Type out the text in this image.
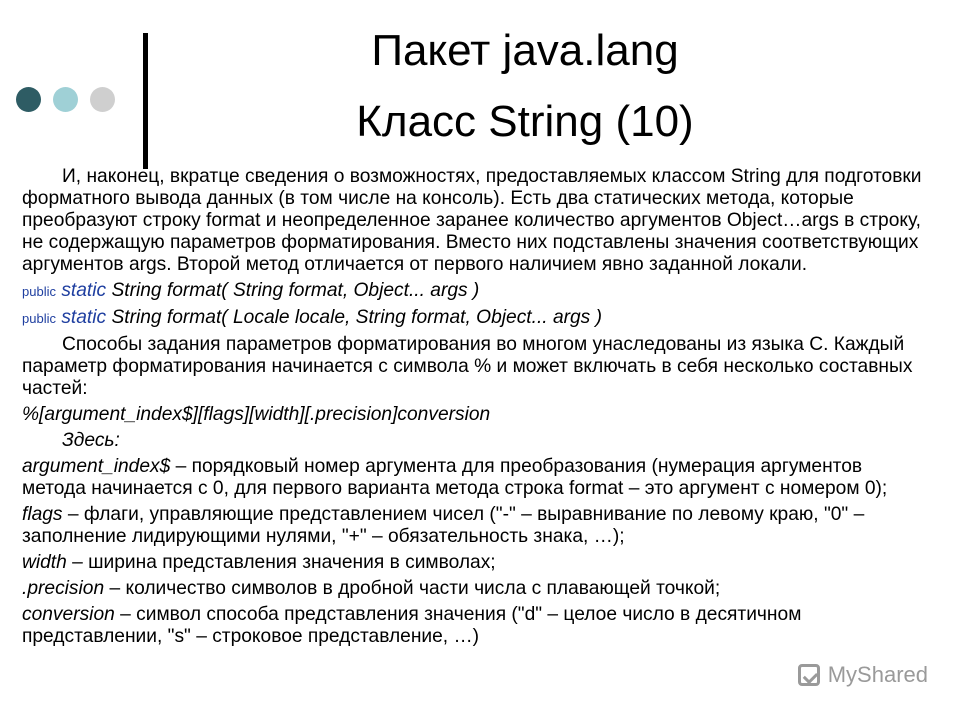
Пакет java.lang
Класс String (10)

И, наконец, вкратце сведения о возможностях, предоставляемых классом String для подготовки форматного вывода данных (в том числе на консоль). Есть два статических метода, которые преобразуют строку format и неопределенное заранее количество аргументов Object…args в строку, не содержащую параметров форматирования. Вместо них подставлены значения соответствующих аргументов args. Второй метод отличается от первого наличием явно заданной локали.

public static String format( String format, Object... args )

public static String format( Locale locale, String format, Object... args )

Способы задания параметров форматирования во многом унаследованы из языка С. Каждый параметр форматирования начинается с символа % и может включать в себя несколько составных частей:

%[argument_index$][flags][width][.precision]conversion

Здесь:

argument_index$ – порядковый номер аргумента для преобразования (нумерация аргументов метода начинается с 0, для первого варианта метода строка format – это аргумент с номером 0);

flags – флаги, управляющие представлением чисел ("-" – выравнивание по левому краю, "0" – заполнение лидирующими нулями, "+" – обязательность знака, …);

width – ширина представления значения в символах;

.precision – количество символов в дробной части числа с плавающей точкой;

conversion – символ способа представления значения ("d" – целое число в десятичном представлении, "s" – строковое представление, …)

MyShared
